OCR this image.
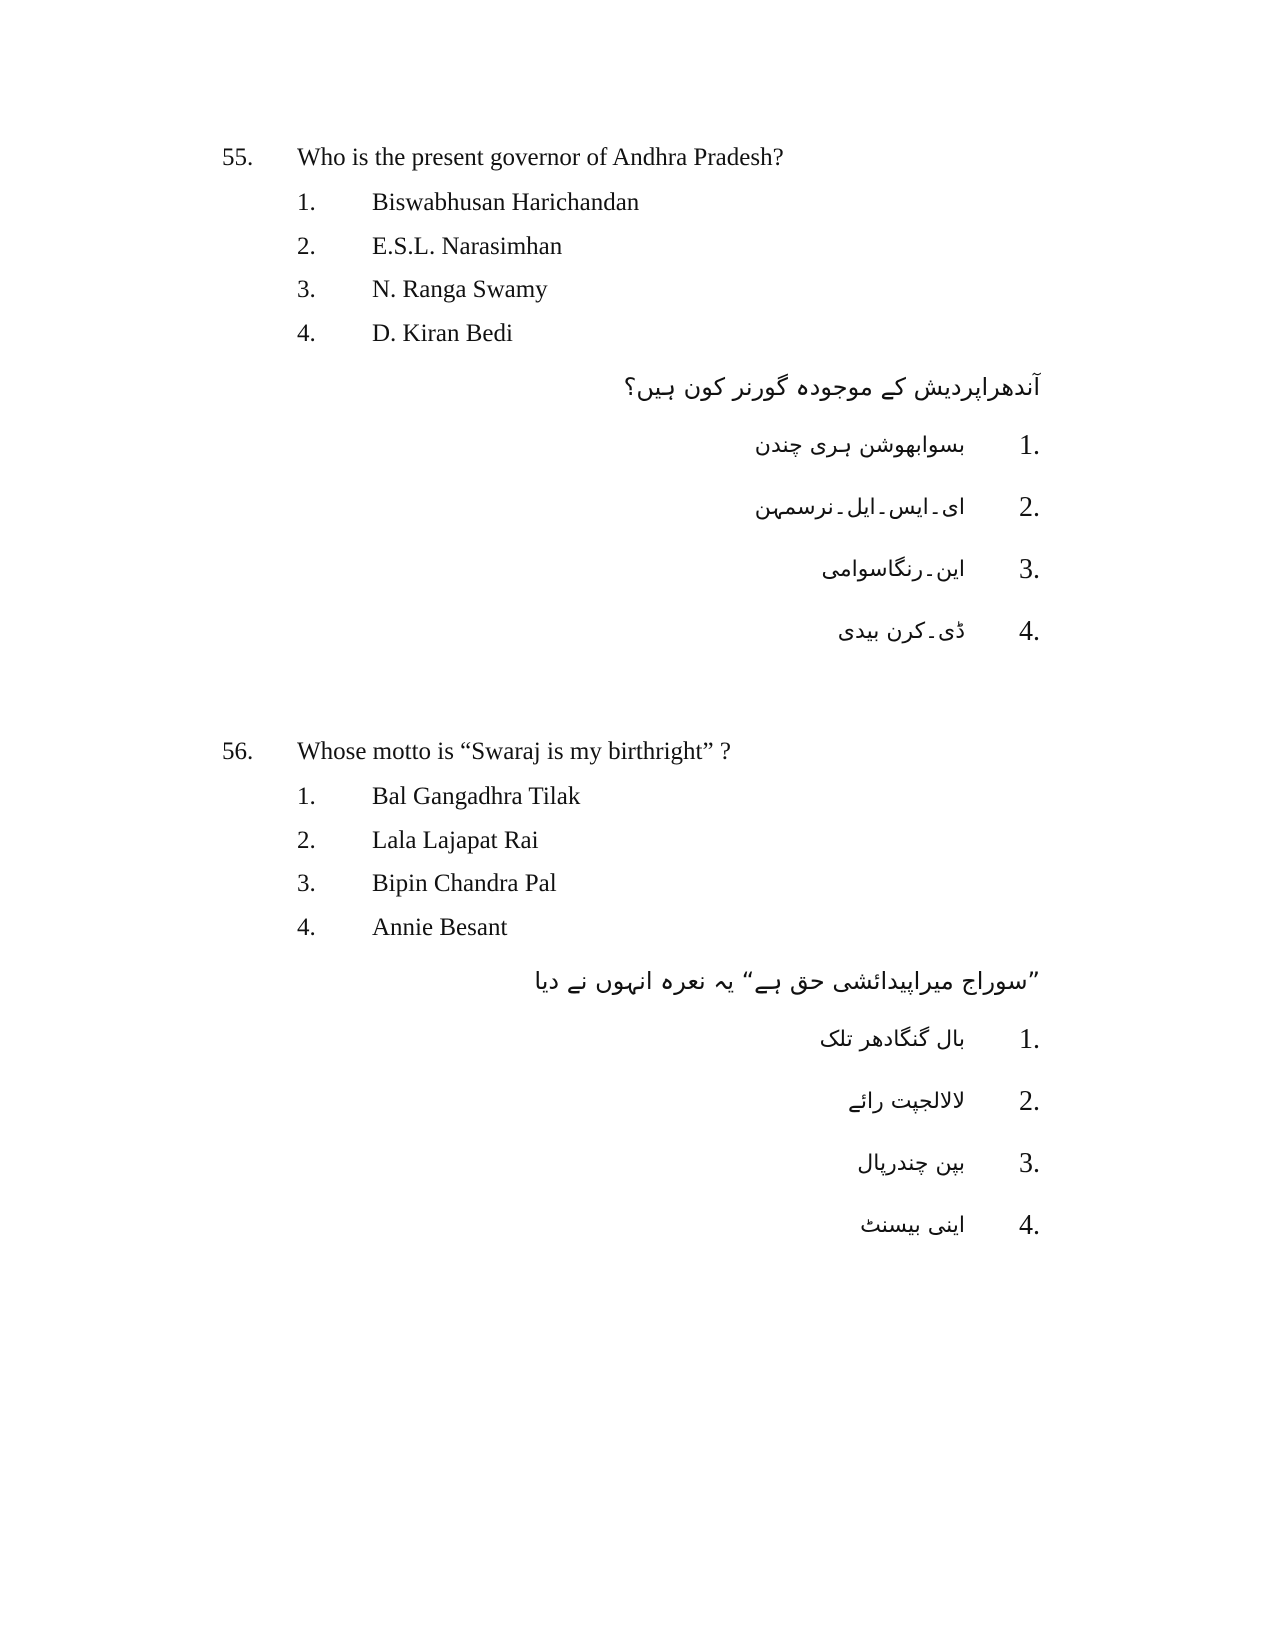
55. Who is the present governor of Andhra Pradesh?
1. Biswabhusan Harichandan
2. E.S.L. Narasimhan
3. N. Ranga Swamy
4. D. Kiran Bedi
آندھراپردیش کے موجودہ گورنر کون ہیں؟
1.
بسوابھوشن ہری چندن
2.
ای۔ایس۔ایل۔نرسمہن
3.
این۔رنگاسوامی
4.
ڈی۔کرن بیدی
56. Whose motto is “Swaraj is my birthright” ?
1. Bal Gangadhra Tilak
2. Lala Lajapat Rai
3. Bipin Chandra Pal
4. Annie Besant
”سوراج میراپیدائشی حق ہے“ یہ نعرہ انہوں نے دیا
1.
بال گنگادھر تلک
2.
لالالجپت رائے
3.
بپن چندرپال
4.
اینی بیسنٹ
